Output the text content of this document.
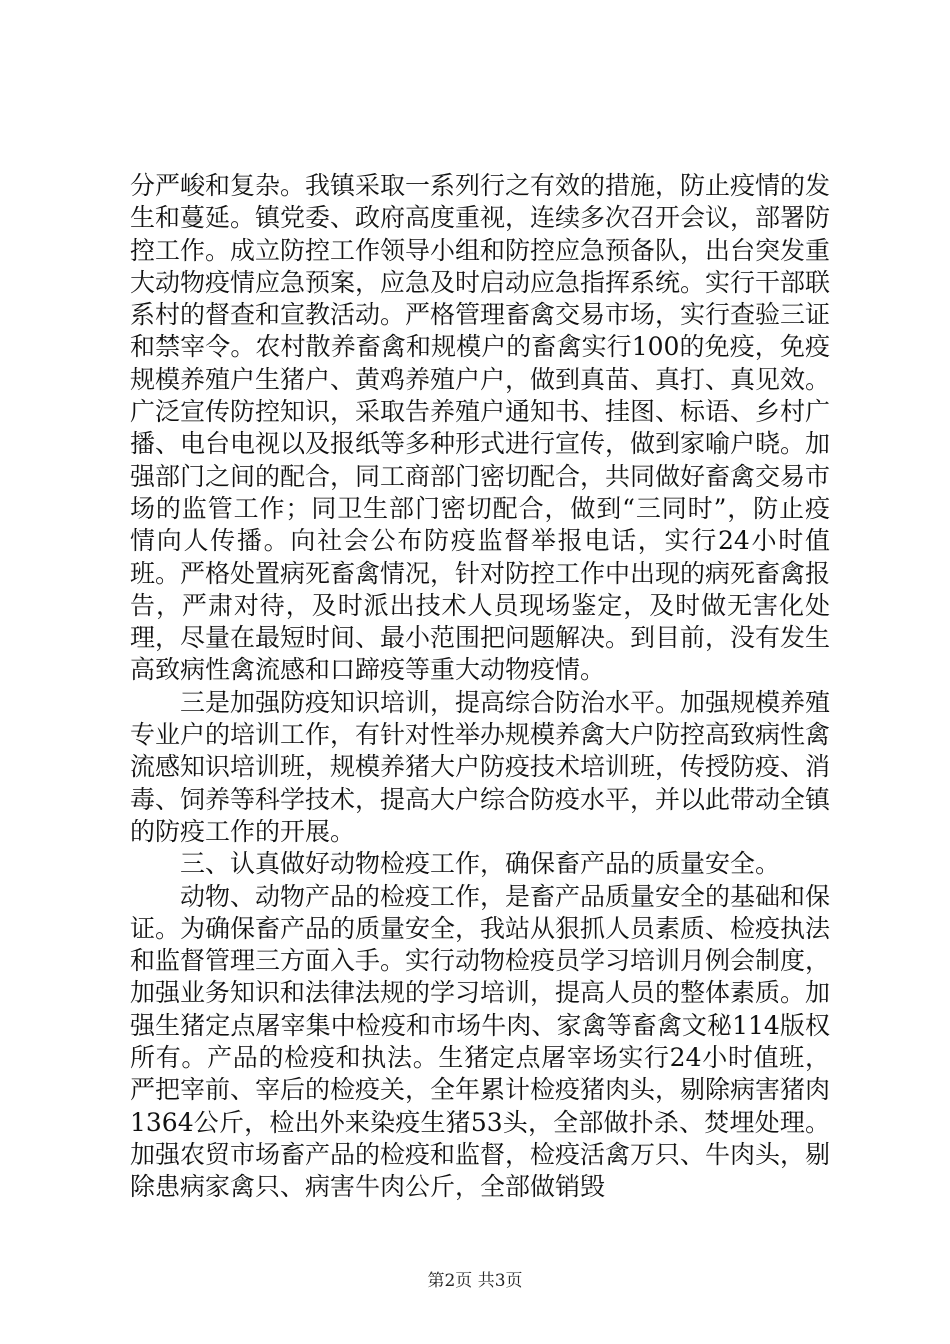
分严峻和复杂。我镇采取一系列行之有效的措施，防止疫情的发生和蔓延。镇党委、政府高度重视，连续多次召开会议，部署防控工作。成立防控工作领导小组和防控应急预备队，出台突发重大动物疫情应急预案，应急及时启动应急指挥系统。实行干部联系村的督查和宣教活动。严格管理畜禽交易市场，实行查验三证和禁宰令。农村散养畜禽和规模户的畜禽实行100的免疫，免疫规模养殖户生猪户、黄鸡养殖户户，做到真苗、真打、真见效。广泛宣传防控知识，采取告养殖户通知书、挂图、标语、乡村广播、电台电视以及报纸等多种形式进行宣传，做到家喻户晓。加强部门之间的配合，同工商部门密切配合，共同做好畜禽交易市场的监管工作；同卫生部门密切配合，做到“三同时”，防止疫情向人传播。向社会公布防疫监督举报电话，实行24小时值班。严格处置病死畜禽情况，针对防控工作中出现的病死畜禽报告，严肃对待，及时派出技术人员现场鉴定，及时做无害化处理，尽量在最短时间、最小范围把问题解决。到目前，没有发生高致病性禽流感和口蹄疫等重大动物疫情。

三是加强防疫知识培训，提高综合防治水平。加强规模养殖专业户的培训工作，有针对性举办规模养禽大户防控高致病性禽流感知识培训班，规模养猪大户防疫技术培训班，传授防疫、消毒、饲养等科学技术，提高大户综合防疫水平，并以此带动全镇的防疫工作的开展。

三、认真做好动物检疫工作，确保畜产品的质量安全。

动物、动物产品的检疫工作，是畜产品质量安全的基础和保证。为确保畜产品的质量安全，我站从狠抓人员素质、检疫执法和监督管理三方面入手。实行动物检疫员学习培训月例会制度，加强业务知识和法律法规的学习培训，提高人员的整体素质。加强生猪定点屠宰集中检疫和市场牛肉、家禽等畜禽文秘114版权所有。产品的检疫和执法。生猪定点屠宰场实行24小时值班，严把宰前、宰后的检疫关，全年累计检疫猪肉头，剔除病害猪肉1364公斤，检出外来染疫生猪53头，全部做扑杀、焚埋处理。加强农贸市场畜产品的检疫和监督，检疫活禽万只、牛肉头，剔除患病家禽只、病害牛肉公斤，全部做销毁

第2页 共3页
